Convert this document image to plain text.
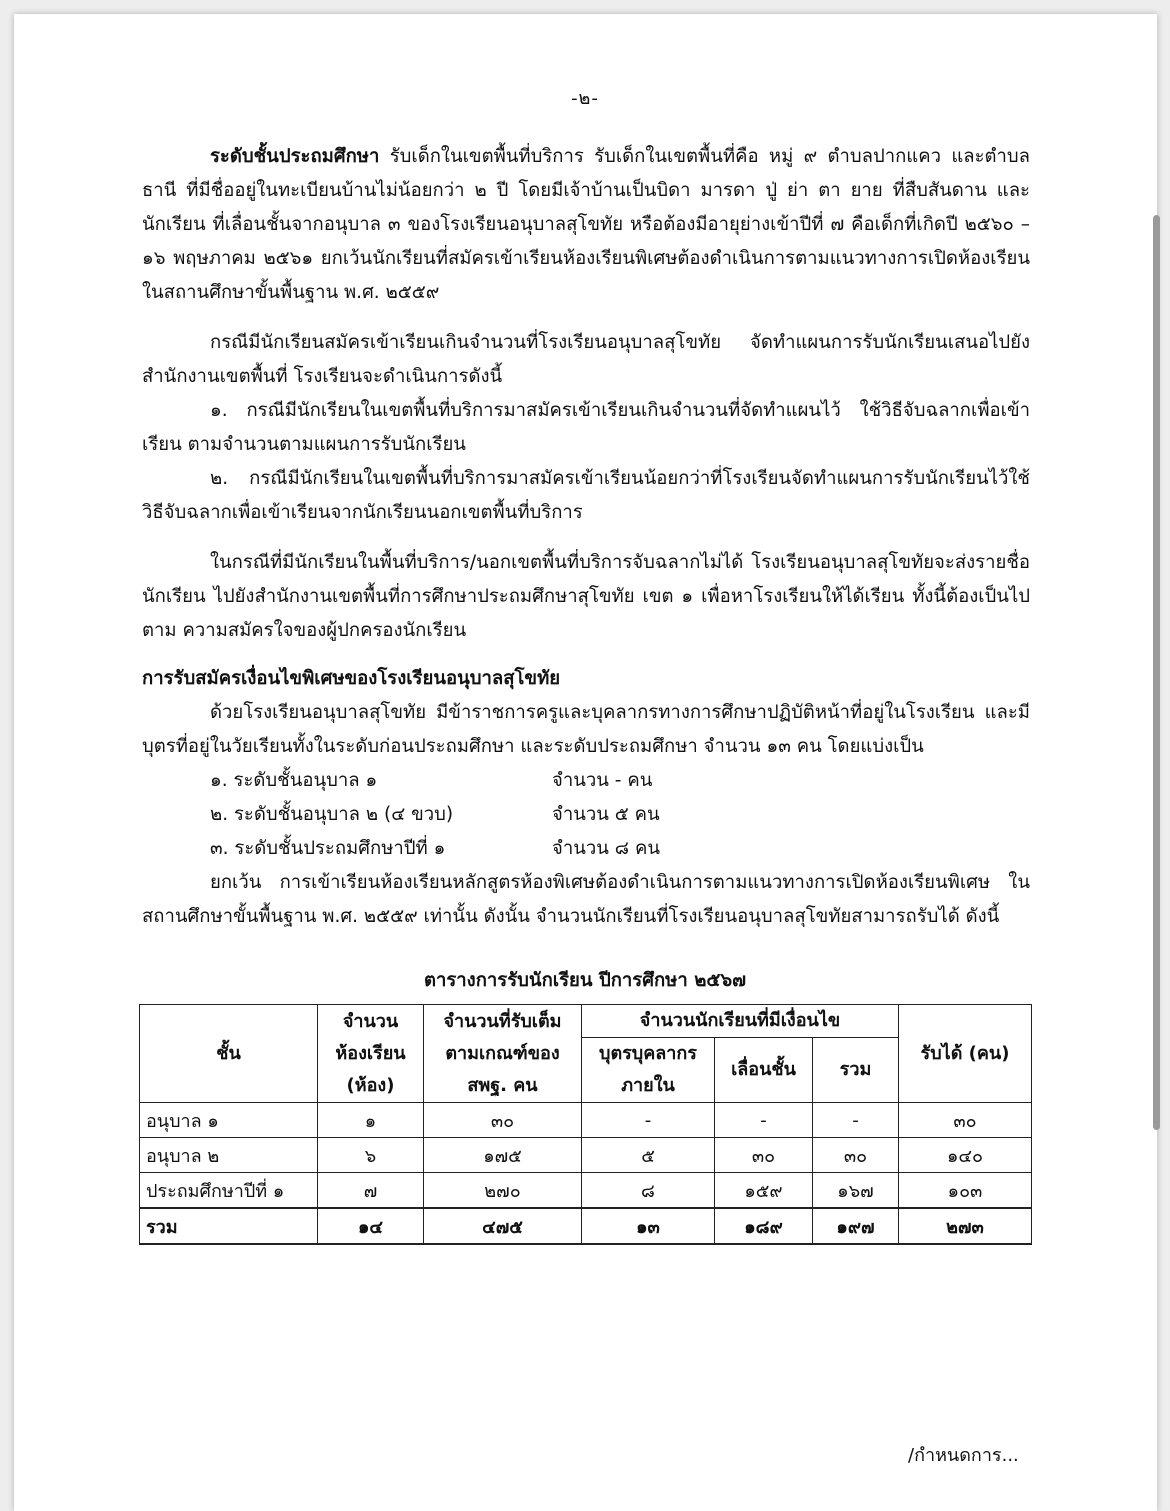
-๒-

ระดับชั้นประถมศึกษา รับเด็กในเขตพื้นที่บริการ รับเด็กในเขตพื้นที่คือ หมู่ ๙ ตำบลปากแคว และตำบลธานี ที่มีชื่ออยู่ในทะเบียนบ้านไม่น้อยกว่า ๒ ปี โดยมีเจ้าบ้านเป็นบิดา มารดา ปู่ ย่า ตา ยาย ที่สืบสันดาน และนักเรียน ที่เลื่อนชั้นจากอนุบาล ๓ ของโรงเรียนอนุบาลสุโขทัย หรือต้องมีอายุย่างเข้าปีที่ ๗ คือเด็กที่เกิดปี ๒๕๖๐ – ๑๖ พฤษภาคม ๒๕๖๑ ยกเว้นนักเรียนที่สมัครเข้าเรียนห้องเรียนพิเศษต้องดำเนินการตามแนวทางการเปิดห้องเรียน ในสถานศึกษาขั้นพื้นฐาน พ.ศ. ๒๕๕๙

กรณีมีนักเรียนสมัครเข้าเรียนเกินจำนวนที่โรงเรียนอนุบาลสุโขทัย จัดทำแผนการรับนักเรียนเสนอไปยัง สำนักงานเขตพื้นที่ โรงเรียนจะดำเนินการดังนี้

๑. กรณีมีนักเรียนในเขตพื้นที่บริการมาสมัครเข้าเรียนเกินจำนวนที่จัดทำแผนไว้ ใช้วิธีจับฉลากเพื่อเข้าเรียน ตามจำนวนตามแผนการรับนักเรียน

๒. กรณีมีนักเรียนในเขตพื้นที่บริการมาสมัครเข้าเรียนน้อยกว่าที่โรงเรียนจัดทำแผนการรับนักเรียนไว้ใช้ วิธีจับฉลากเพื่อเข้าเรียนจากนักเรียนนอกเขตพื้นที่บริการ

ในกรณีที่มีนักเรียนในพื้นที่บริการ/นอกเขตพื้นที่บริการจับฉลากไม่ได้ โรงเรียนอนุบาลสุโขทัยจะส่งรายชื่อนักเรียน ไปยังสำนักงานเขตพื้นที่การศึกษาประถมศึกษาสุโขทัย เขต ๑ เพื่อหาโรงเรียนให้ได้เรียน ทั้งนี้ต้องเป็นไปตาม ความสมัครใจของผู้ปกครองนักเรียน

การรับสมัครเงื่อนไขพิเศษของโรงเรียนอนุบาลสุโขทัย

ด้วยโรงเรียนอนุบาลสุโขทัย มีข้าราชการครูและบุคลากรทางการศึกษาปฏิบัติหน้าที่อยู่ในโรงเรียน และมีบุตรที่อยู่ในวัยเรียนทั้งในระดับก่อนประถมศึกษา และระดับประถมศึกษา จำนวน ๑๓ คน โดยแบ่งเป็น

๑. ระดับชั้นอนุบาล ๑	จำนวน - คน
๒. ระดับชั้นอนุบาล ๒ (๔ ขวบ)	จำนวน ๕ คน
๓. ระดับชั้นประถมศึกษาปีที่ ๑	จำนวน ๘ คน

ยกเว้น การเข้าเรียนห้องเรียนหลักสูตรห้องพิเศษต้องดำเนินการตามแนวทางการเปิดห้องเรียนพิเศษ ในสถานศึกษาขั้นพื้นฐาน พ.ศ. ๒๕๕๙ เท่านั้น ดังนั้น จำนวนนักเรียนที่โรงเรียนอนุบาลสุโขทัยสามารถรับได้ ดังนี้

ตารางการรับนักเรียน ปีการศึกษา ๒๕๖๗
ชั้น	จำนวน ห้องเรียน (ห้อง)	จำนวนที่รับเต็ม ตามเกณฑ์ของ สพฐ. คน	จำนวนนักเรียนที่มีเงื่อนไข			รับได้ (คน)
			บุตรบุคลากร ภายใน	เลื่อนชั้น	รวม	
อนุบาล ๑	๑	๓๐	-	-	-	๓๐
อนุบาล ๒	๖	๑๗๕	๕	๓๐	๓๐	๑๔๐
ประถมศึกษาปีที่ ๑	๗	๒๗๐	๘	๑๕๙	๑๖๗	๑๐๓
รวม	๑๔	๔๗๕	๑๓	๑๘๙	๑๙๗	๒๗๓
/กำหนดการ...
